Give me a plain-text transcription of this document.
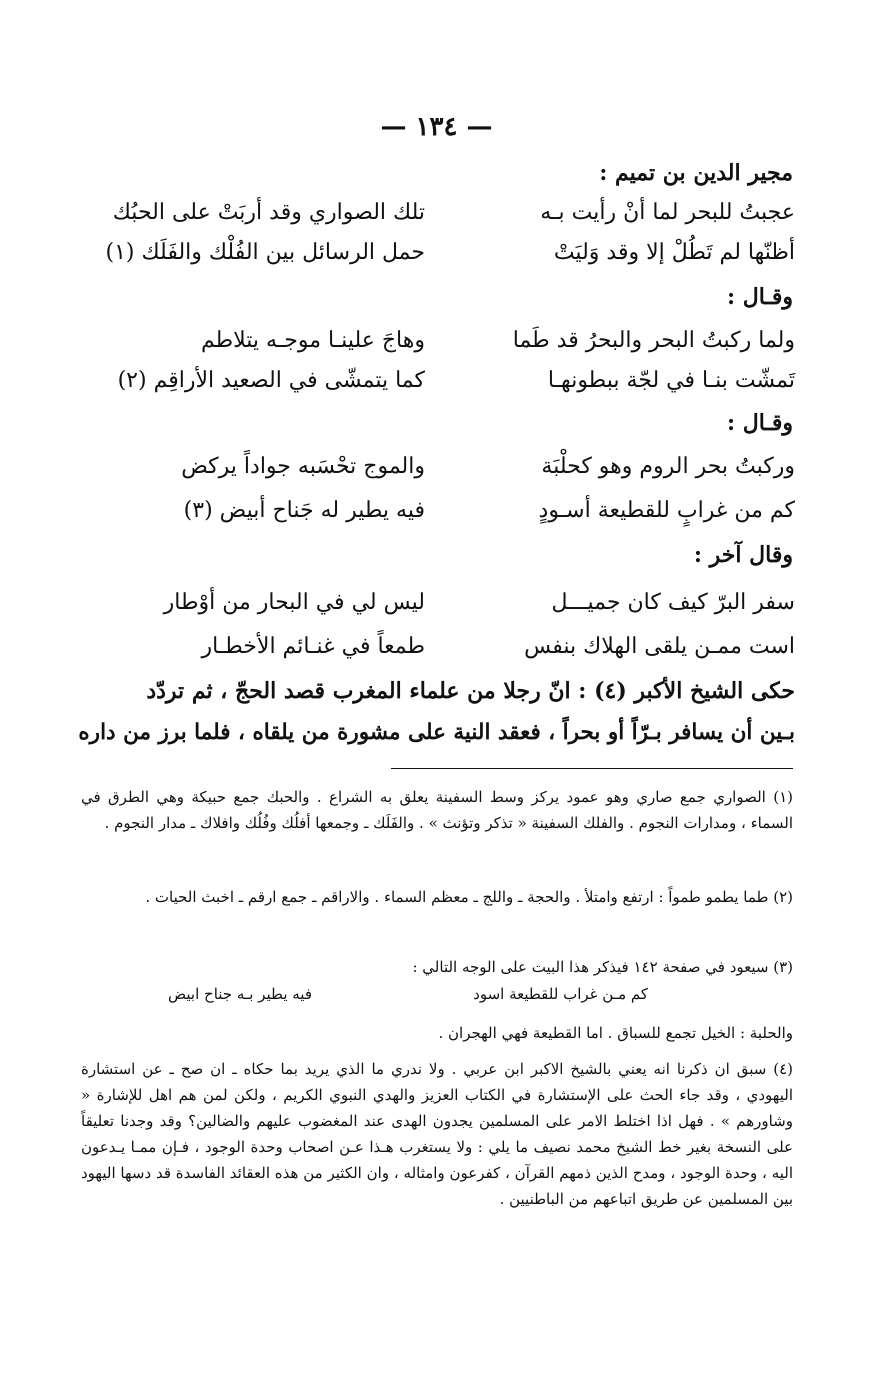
— ١٣٤ —
مجير الدين بن تميم :
عجبتُ للبحر لما أنْ رأيت بـه
تلك الصواري وقد أربَتْ على الحبُك
أظنّها لم تَطُلْ إلا وقد وَليَتْ
حمل الرسائل بين الفُلْك والفَلَك (١)
وقـال :
ولما ركبتُ البحر والبحرُ قد طَما
وهاجَ علينـا موجـه يتلاطم
تَمشّت بنـا في لجّة ببطونهـا
كما يتمشّى في الصعيد الأراقِم (٢)
وقـال :
وركبتُ بحر الروم وهو كحلْبَة
والموج تحْسَبه جواداً يركض
كم من غرابٍ للقطيعة أسـودٍ
فيه يطير له جَناح أبيض (٣)
وقال آخر :
سفر البرّ كيف كان جميـــل
ليس لي في البحار من أوْطار
است ممـن يلقى الهلاك بنفس
طمعاً في غنـائم الأخطـار
حكى الشيخ الأكبر (٤) : انّ رجلا من علماء المغرب قصد الحجّ ، ثم تردّد
بـين أن يسافر بـرّاً أو بحراً ، فعقد النية على مشورة من يلقاه ، فلما برز من داره
(١) الصواري جمع صاري وهو عمود يركز وسط السفينة يعلق به الشراع . والحبك جمع حبيكة وهي الطرق في السماء ، ومدارات النجوم . والفلك السفينة « تذكر وتؤنث » . والفَلَك ـ وجمعها أفلُك وفُلُك وافلاك ـ مدار النجوم .
(٢) طما يطمو طمواً : ارتفع وامتلأ . والحجة ـ واللج ـ معظم السماء . والاراقم ـ جمع ارقم ـ اخبث الحيات .
(٣) سيعود في صفحة ١٤٢ فيذكر هذا البيت على الوجه التالي :
كم مـن غراب للقطيعة اسود
فيه يطير بـه جناح ابيض
والحلبة : الخيل تجمع للسباق . اما القطيعة فهي الهجران .
(٤) سبق ان ذكرنا انه يعني بالشيخ الاكبر ابن عربي . ولا ندري ما الذي يريد بما حكاه ـ ان صح ـ عن استشارة اليهودي ، وقد جاء الحث على الإستشارة في الكتاب العزيز والهدي النبوي الكريم ، ولكن لمن هم اهل للإشارة « وشاورهم » . فهل اذا اختلط الامر على المسلمين يجدون الهدى عند المغضوب عليهم والضالين؟ وقد وجدنا تعليقاً على النسخة بغير خط الشيخ محمد نصيف ما يلي : ولا يستغرب هـذا عـن اصحاب وحدة الوجود ، فـإن ممـا يـدعون اليه ، وحدة الوجود ، ومدح الذين ذمهم القرآن ، كفرعون وامثاله ، وان الكثير من هذه العقائد الفاسدة قد دسها اليهود بين المسلمين عن طريق اتباعهم من الباطنيين .
